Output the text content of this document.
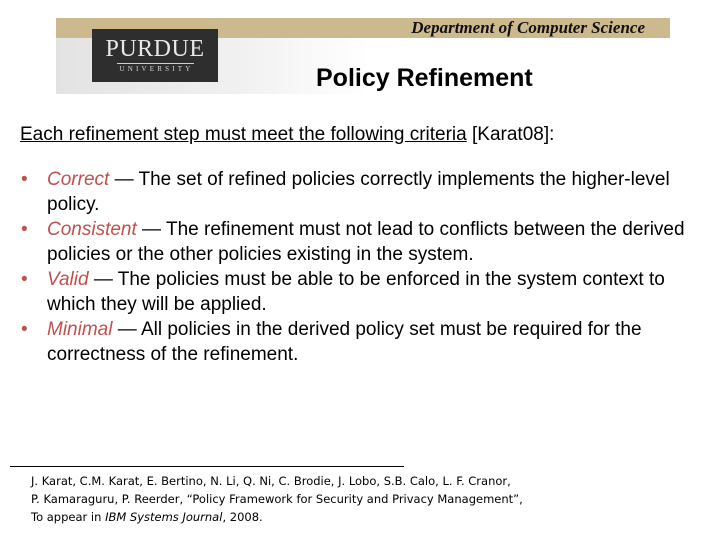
Department of Computer Science
PURDUE
UNIVERSITY	Policy Refinement
Each refinement step must meet the following criteria [Karat08]:
• Correct — The set of refined policies correctly implements the higher-level policy.
• Consistent — The refinement must not lead to conflicts between the derived policies or the other policies existing in the system.
• Valid — The policies must be able to be enforced in the system context to which they will be applied.
• Minimal — All policies in the derived policy set must be required for the correctness of the refinement.
J. Karat, C.M. Karat, E. Bertino, N. Li, Q. Ni, C. Brodie, J. Lobo, S.B. Calo, L. F. Cranor,
P. Kamaraguru, P. Reerder, “Policy Framework for Security and Privacy Management”,
To appear in IBM Systems Journal, 2008.
